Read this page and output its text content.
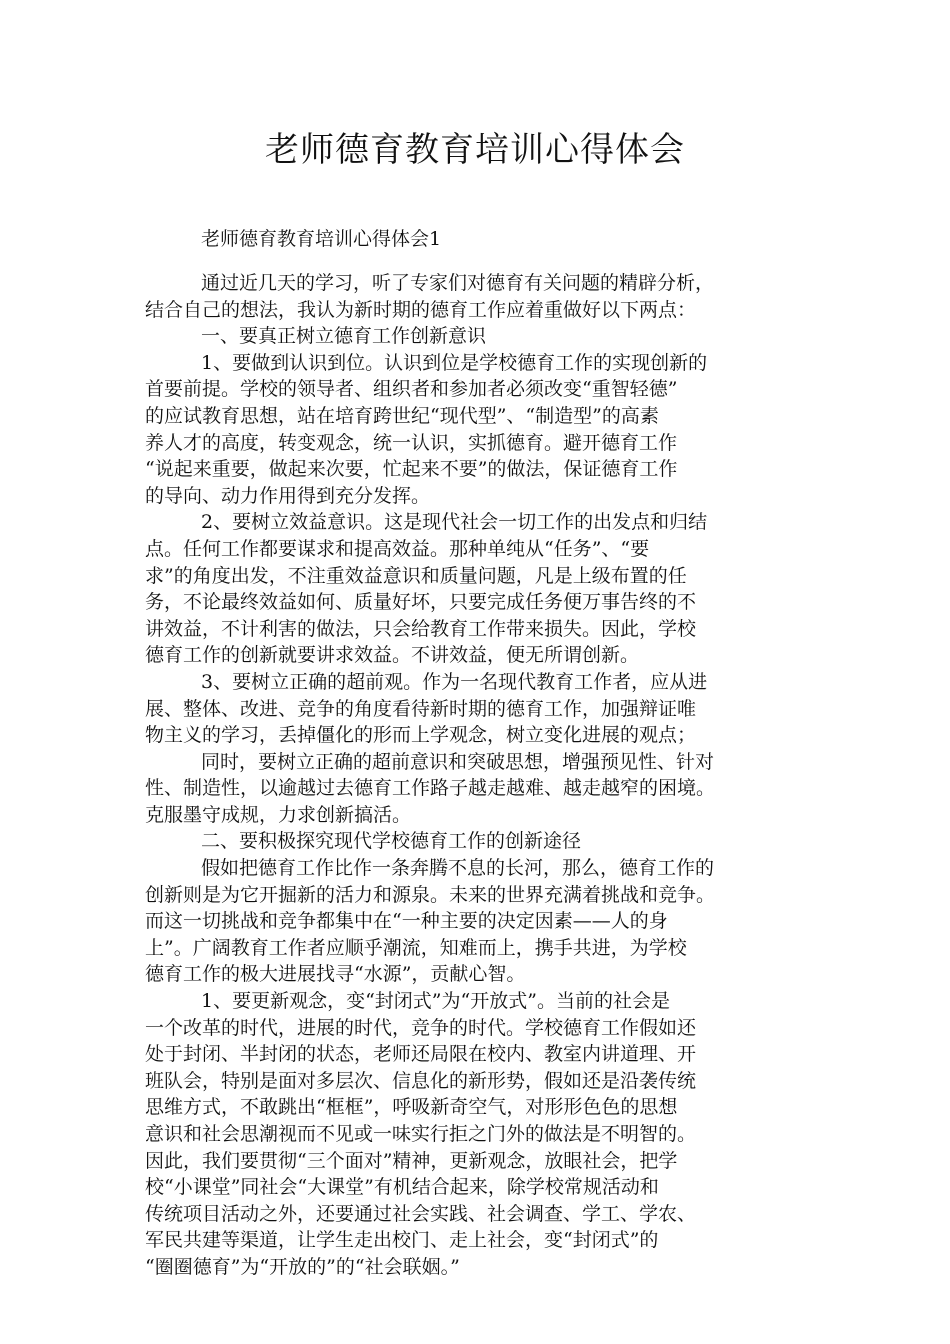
老师德育教育培训心得体会

老师德育教育培训心得体会1

通过近几天的学习，听了专家们对德育有关问题的精辟分析，
结合自己的想法，我认为新时期的德育工作应着重做好以下两点：
一、要真正树立德育工作创新意识
1、要做到认识到位。认识到位是学校德育工作的实现创新的
首要前提。学校的领导者、组织者和参加者必须改变“重智轻德”
的应试教育思想，站在培育跨世纪“现代型”、“制造型”的高素
养人才的高度，转变观念，统一认识，实抓德育。避开德育工作
“说起来重要，做起来次要，忙起来不要”的做法，保证德育工作
的导向、动力作用得到充分发挥。
2、要树立效益意识。这是现代社会一切工作的出发点和归结
点。任何工作都要谋求和提高效益。那种单纯从“任务”、“要
求”的角度出发，不注重效益意识和质量问题，凡是上级布置的任
务，不论最终效益如何、质量好坏，只要完成任务便万事告终的不
讲效益，不计利害的做法，只会给教育工作带来损失。因此，学校
德育工作的创新就要讲求效益。不讲效益，便无所谓创新。
3、要树立正确的超前观。作为一名现代教育工作者，应从进
展、整体、改进、竞争的角度看待新时期的德育工作，加强辩证唯
物主义的学习，丢掉僵化的形而上学观念，树立变化进展的观点；
同时，要树立正确的超前意识和突破思想，增强预见性、针对
性、制造性，以逾越过去德育工作路子越走越难、越走越窄的困境。
克服墨守成规，力求创新搞活。
二、要积极探究现代学校德育工作的创新途径
假如把德育工作比作一条奔腾不息的长河，那么，德育工作的
创新则是为它开掘新的活力和源泉。未来的世界充满着挑战和竞争。
而这一切挑战和竞争都集中在“一种主要的决定因素——人的身
上”。广阔教育工作者应顺乎潮流，知难而上，携手共进，为学校
德育工作的极大进展找寻“水源”，贡献心智。
1、要更新观念，变“封闭式”为“开放式”。当前的社会是
一个改革的时代，进展的时代，竞争的时代。学校德育工作假如还
处于封闭、半封闭的状态，老师还局限在校内、教室内讲道理、开
班队会，特别是面对多层次、信息化的新形势，假如还是沿袭传统
思维方式，不敢跳出“框框”，呼吸新奇空气，对形形色色的思想
意识和社会思潮视而不见或一味实行拒之门外的做法是不明智的。
因此，我们要贯彻“三个面对”精神，更新观念，放眼社会，把学
校“小课堂”同社会“大课堂”有机结合起来，除学校常规活动和
传统项目活动之外，还要通过社会实践、社会调查、学工、学农、
军民共建等渠道，让学生走出校门、走上社会，变“封闭式”的
“圈圈德育”为“开放的”的“社会联姻。”
